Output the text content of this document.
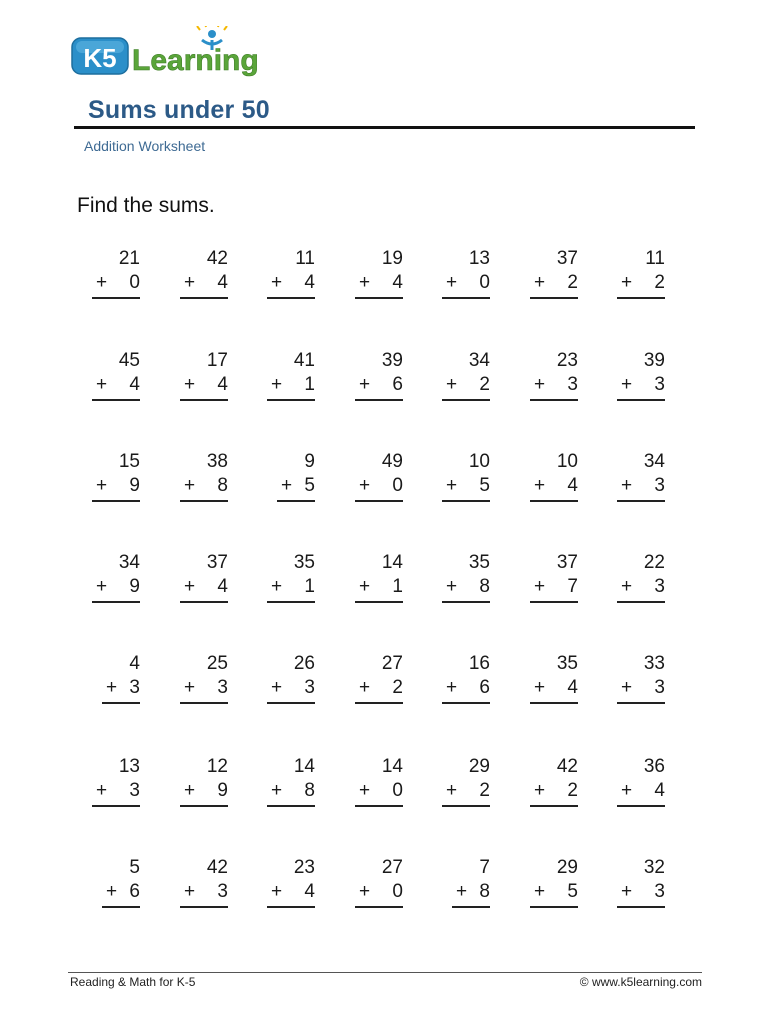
K5 Learning
Sums under 50
Addition Worksheet
Find the sums.
21
+ 0
42
+ 4
11
+ 4
19
+ 4
13
+ 0
37
+ 2
11
+ 2
45
+ 4
17
+ 4
41
+ 1
39
+ 6
34
+ 2
23
+ 3
39
+ 3
15
+ 9
38
+ 8
9
+ 5
49
+ 0
10
+ 5
10
+ 4
34
+ 3
34
+ 9
37
+ 4
35
+ 1
14
+ 1
35
+ 8
37
+ 7
22
+ 3
4
+ 3
25
+ 3
26
+ 3
27
+ 2
16
+ 6
35
+ 4
33
+ 3
13
+ 3
12
+ 9
14
+ 8
14
+ 0
29
+ 2
42
+ 2
36
+ 4
5
+ 6
42
+ 3
23
+ 4
27
+ 0
7
+ 8
29
+ 5
32
+ 3
Reading & Math for K-5	© www.k5learning.com
